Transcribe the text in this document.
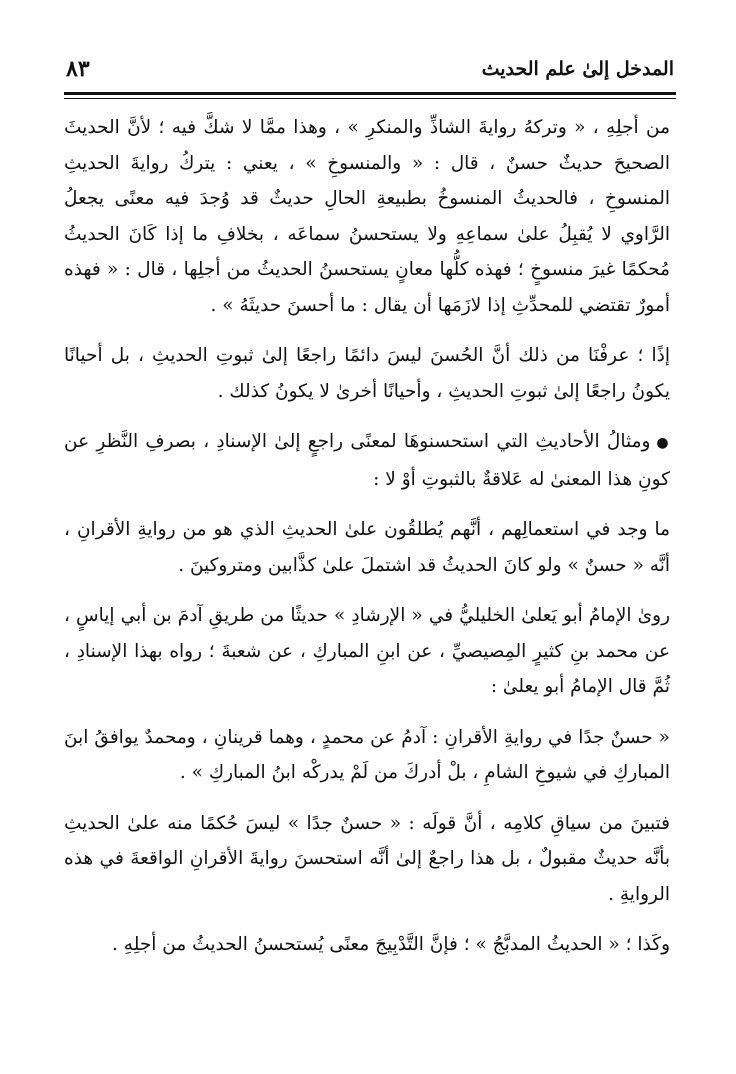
المدخل إلىٰ علم الحديث
٨٣

من أجلِهِ ، « وتركهُ روايةَ الشاذِّ والمنكرِ » ، وهذا ممَّا لا شكَّ فيه ؛ لأنَّ الحديثَ الصحيحَ حديثٌ حسنٌ ، قال : « والمنسوخِ » ، يعني : يتركُ روايةَ الحديثِ المنسوخِ ، فالحديثُ المنسوخُ بطبيعةِ الحالِ حديثٌ قد وُجدَ فيه معنًى يجعلُ الرَّاوي لا يُقبِلُ علىٰ سماعِهِ ولا يستحسنُ سماعَه ، بخلافِ ما إذا كَانَ الحديثُ مُحكمًا غيرَ منسوخٍ ؛ فهذه كلُّها معانٍ يستحسنُ الحديثُ من أجلِها ، قال : « فهذه أمورٌ تقتضي للمحدِّثِ إذا لازَمَها أن يقال : ما أحسنَ حديثَهُ » .

إذًا ؛ عرفْنَا من ذلك أنَّ الحُسنَ ليسَ دائمًا راجعًا إلىٰ ثبوتِ الحديثِ ، بل أحيانًا يكونُ راجعًا إلىٰ ثبوتِ الحديثِ ، وأحيانًا أخرىٰ لا يكونُ كذلك .

●ومثالُ الأحاديثِ التي استحسنوهَا لمعنًى راجعٍ إلىٰ الإسنادِ ، بصرفِ النَّظرِ عن كونِ هذا المعنىٰ له عَلاقةٌ بالثبوتِ أوْ لا :

ما وجد في استعمالِهم ، أنَّهم يُطلقُون علىٰ الحديثِ الذي هو من روايةِ الأقرانِ ، أنَّه « حسنٌ » ولو كانَ الحديثُ قد اشتملَ علىٰ كذَّابين ومتروكينَ .

روىٰ الإمامُ أبو يَعلىٰ الخليليُّ في « الإرشادِ » حديثًا من طريقِ آدمَ بن أبي إياسٍ ، عن محمد بنِ كثيرٍ المِصيصيِّ ، عن ابنِ المباركِ ، عن شعبةَ ؛ رواه بهذا الإسنادِ ، ثُمَّ قال الإمامُ أبو يعلىٰ :

« حسنٌ جدًا في روايةِ الأقرانِ : آدمُ عن محمدٍ ، وهما قرينانِ ، ومحمدٌ يوافقُ ابنَ المباركِ في شيوخِ الشامِ ، بلْ أدركَ من لَمْ يدركْه ابنُ المباركِ » .

فتبينَ من سياقِ كلامِه ، أنَّ قولَه : « حسنٌ جدًا » ليسَ حُكمًا منه علىٰ الحديثِ بأنَّه حديثٌ مقبولٌ ، بل هذا راجعٌ إلىٰ أنَّه استحسنَ روايةَ الأقرانِ الواقعةَ في هذه الروايةِ .

وكَذا ؛ « الحديثُ المدبَّجُ » ؛ فإنَّ التَّدْبِيجَ معنًى يُستحسنُ الحديثُ من أجلِهِ .
